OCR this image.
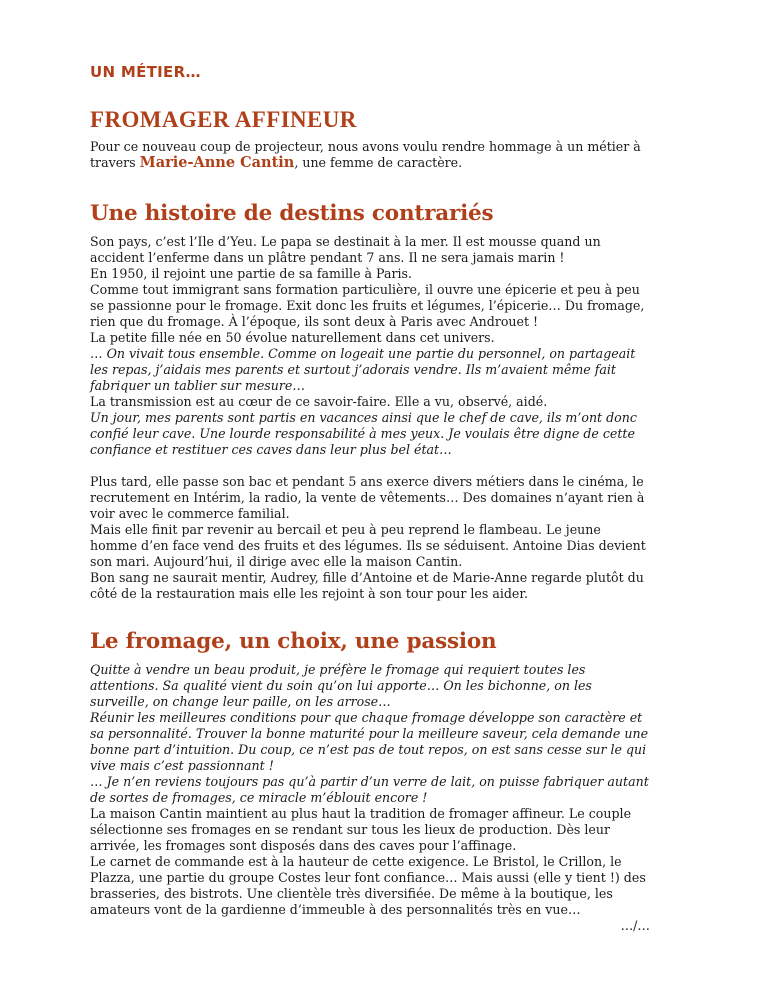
UN MÉTIER…
FROMAGER AFFINEUR
Pour ce nouveau coup de projecteur, nous avons voulu rendre hommage à un métier à travers Marie-Anne Cantin, une femme de caractère.
Une histoire de destins contrariés

Son pays, c’est l’Ile d’Yeu. Le papa se destinait à la mer. Il est mousse quand un accident l’enferme dans un plâtre pendant 7 ans. Il ne sera jamais marin !

En 1950, il rejoint une partie de sa famille à Paris.

Comme tout immigrant sans formation particulière, il ouvre une épicerie et peu à peu se passionne pour le fromage. Exit donc les fruits et légumes, l’épicerie… Du fromage, rien que du fromage. À l’époque, ils sont deux à Paris avec Androuet !

La petite fille née en 50 évolue naturellement dans cet univers.

… On vivait tous ensemble. Comme on logeait une partie du personnel, on partageait les repas, j’aidais mes parents et surtout j’adorais vendre. Ils m’avaient même fait fabriquer un tablier sur mesure…

La transmission est au cœur de ce savoir-faire. Elle a vu, observé, aidé.

Un jour, mes parents sont partis en vacances ainsi que le chef de cave, ils m’ont donc confié leur cave. Une lourde responsabilité à mes yeux. Je voulais être digne de cette confiance et restituer ces caves dans leur plus bel état…

Plus tard, elle passe son bac et pendant 5 ans exerce divers métiers dans le cinéma, le recrutement en Intérim, la radio, la vente de vêtements… Des domaines n’ayant rien à voir avec le commerce familial.

Mais elle finit par revenir au bercail et peu à peu reprend le flambeau. Le jeune homme d’en face vend des fruits et des légumes. Ils se séduisent. Antoine Dias devient son mari. Aujourd’hui, il dirige avec elle la maison Cantin.

Bon sang ne saurait mentir, Audrey, fille d’Antoine et de Marie-Anne regarde plutôt du côté de la restauration mais elle les rejoint à son tour pour les aider.

Le fromage, un choix, une passion

Quitte à vendre un beau produit, je préfère le fromage qui requiert toutes les attentions. Sa qualité vient du soin qu’on lui apporte… On les bichonne, on les surveille, on change leur paille, on les arrose…

Réunir les meilleures conditions pour que chaque fromage développe son caractère et sa personnalité. Trouver la bonne maturité pour la meilleure saveur, cela demande une bonne part d’intuition. Du coup, ce n’est pas de tout repos, on est sans cesse sur le qui vive mais c’est passionnant !

… Je n’en reviens toujours pas qu’à partir d’un verre de lait, on puisse fabriquer autant de sortes de fromages, ce miracle m’éblouit encore !

La maison Cantin maintient au plus haut la tradition de fromager affineur. Le couple sélectionne ses fromages en se rendant sur tous les lieux de production. Dès leur arrivée, les fromages sont disposés dans des caves pour l’affinage.

Le carnet de commande est à la hauteur de cette exigence. Le Bristol, le Crillon, le Plazza, une partie du groupe Costes leur font confiance… Mais aussi (elle y tient !) des brasseries, des bistrots. Une clientèle très diversifiée. De même à la boutique, les amateurs vont de la gardienne d’immeuble à des personnalités très en vue…

…/…
